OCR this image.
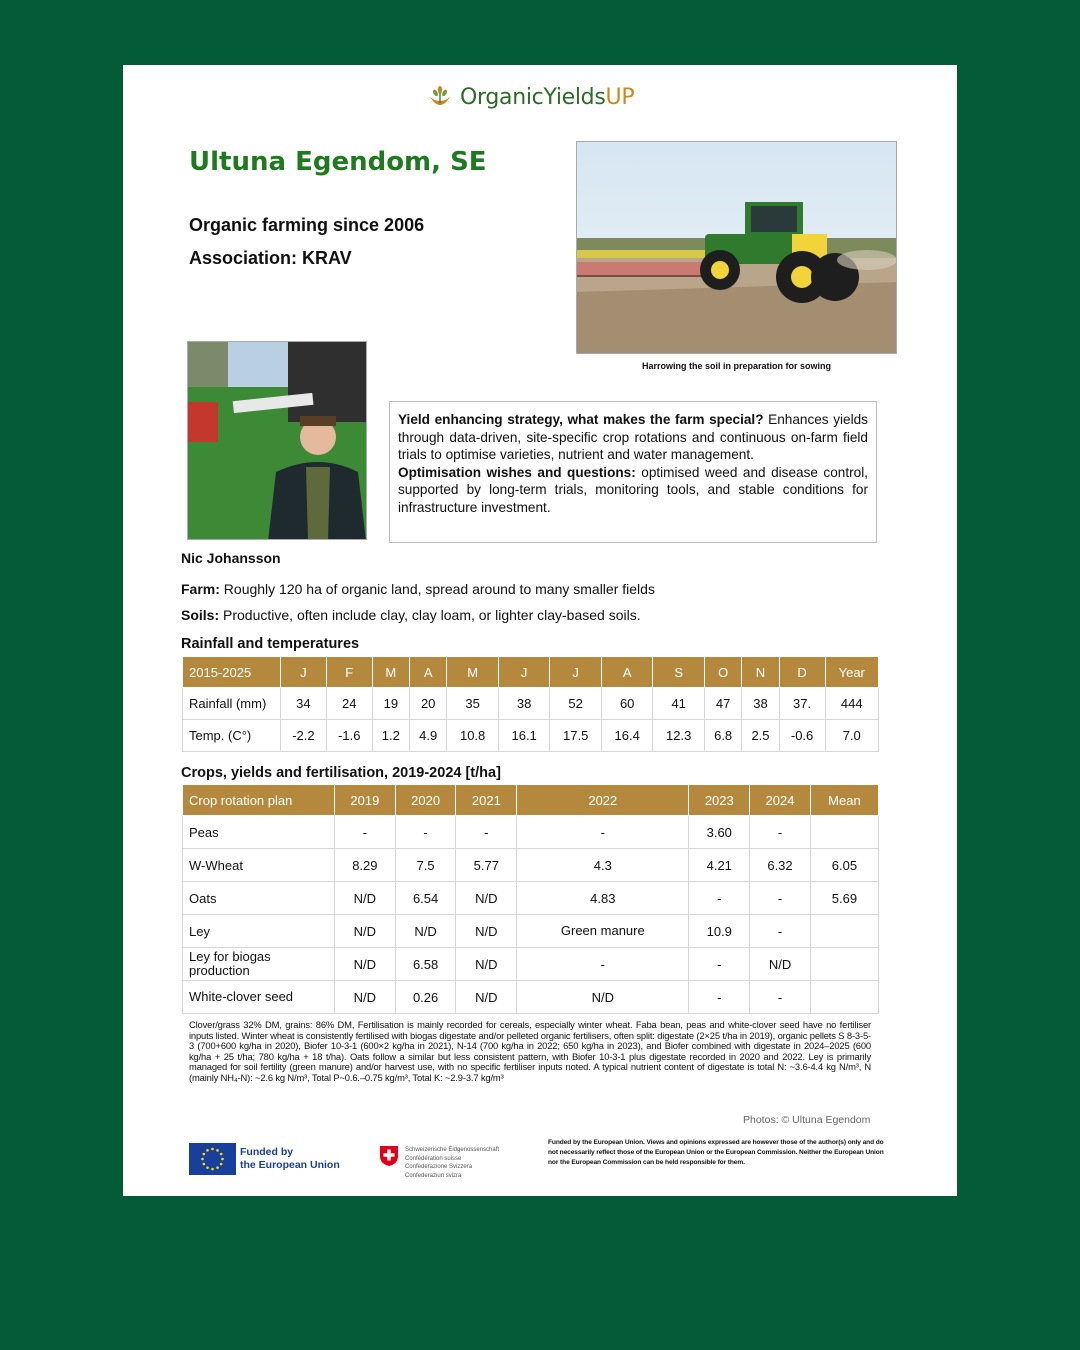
OrganicYieldsUP
Ultuna Egendom, SE
Organic farming since 2006
Association: KRAV
Harrowing the soil in preparation for sowing
Nic Johansson
Yield enhancing strategy, what makes the farm special? Enhances yields through data-driven, site-specific crop rotations and continuous on-farm field trials to optimise varieties, nutrient and water management.
Optimisation wishes and questions: optimised weed and disease control, supported by long-term trials, monitoring tools, and stable conditions for infrastructure investment.
Farm: Roughly 120 ha of organic land, spread around to many smaller fields
Soils: Productive, often include clay, clay loam, or lighter clay-based soils.
Rainfall and temperatures
2015-2025	J	F	M	A	M	J	J	A	S	O	N	D	Year
Rainfall (mm)	34	24	19	20	35	38	52	60	41	47	38	37.	444
Temp. (C°)	-2.2	-1.6	1.2	4.9	10.8	16.1	17.5	16.4	12.3	6.8	2.5	-0.6	7.0
Crops, yields and fertilisation, 2019-2024 [t/ha]
Crop rotation plan	2019	2020	2021	2022	2023	2024	Mean
Peas	-	-	-	-	3.60	-	
W-Wheat	8.29	7.5	5.77	4.3	4.21	6.32	6.05
Oats	N/D	6.54	N/D	4.83	-	-	5.69
Ley	N/D	N/D	N/D	Green manure	10.9	-	
Ley for biogas production	N/D	6.58	N/D	-	-	N/D	
White-clover seed	N/D	0.26	N/D	N/D	-	-	
Clover/grass 32% DM, grains: 86% DM, Fertilisation is mainly recorded for cereals, especially winter wheat. Faba bean, peas and white-clover seed have no fertiliser inputs listed. Winter wheat is consistently fertilised with biogas digestate and/or pelleted organic fertilisers, often split: digestate (2×25 t/ha in 2019), organic pellets S 8-3-5-3 (700+600 kg/ha in 2020), Biofer 10-3-1 (600×2 kg/ha in 2021), N-14 (700 kg/ha in 2022; 650 kg/ha in 2023), and Biofer combined with digestate in 2024–2025 (600 kg/ha + 25 t/ha; 780 kg/ha + 18 t/ha). Oats follow a similar but less consistent pattern, with Biofer 10-3-1 plus digestate recorded in 2020 and 2022. Ley is primarily managed for soil fertility (green manure) and/or harvest use, with no specific fertiliser inputs noted. A typical nutrient content of digestate is total N: ~3.6-4.4 kg N/m³, N (mainly NH₄-N): ~2.6 kg N/m³, Total P~0.6.–0.75 kg/m³, Total K: ~2.9-3.7 kg/m³
Photos: © Ultuna Egendom
Funded by
the European Union
Schweizerische Eidgenossenschaft
Confédération suisse
Confederazione Svizzera
Confederaziun svizra
Funded by the European Union. Views and opinions expressed are however those of the author(s) only and do not necessarily reflect those of the European Union or the European Commission. Neither the European Union nor the European Commission can be held responsible for them.
